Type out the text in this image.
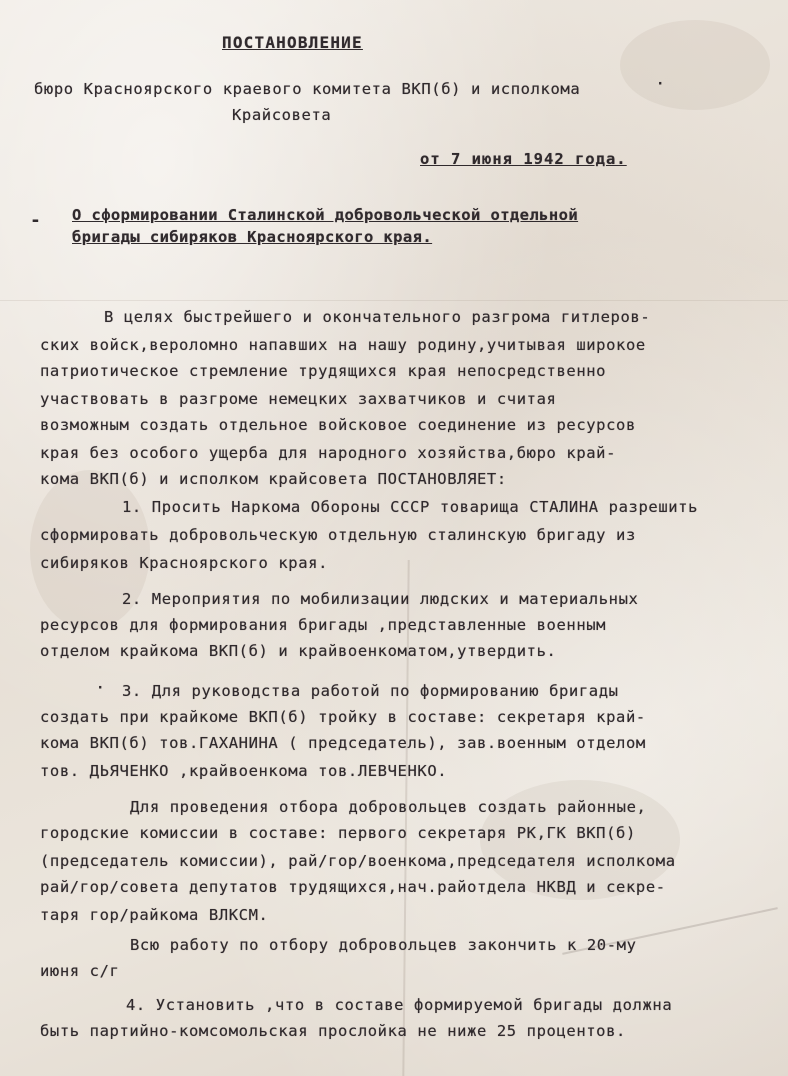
ПОСТАНОВЛЕНИЕ
бюро Красноярского краевого комитета ВКП(б) и исполкома	·
Крайсовета
от 7 июня 1942 года.
- О сформировании Сталинской добровольческой отдельной
бригады сибиряков Красноярского края.
В целях быстрейшего и окончательного разгрома гитлеров-
ских войск,вероломно напавших на нашу родину,учитывая широкое
патриотическое стремление трудящихся края непосредственно
участвовать в разгроме немецких захватчиков и считая
возможным создать отдельное войсковое соединение из ресурсов
края без особого ущерба для народного хозяйства,бюро край-
кома ВКП(б) и исполком крайсовета ПОСТАНОВЛЯЕТ:
1. Просить Наркома Обороны СССР товарища СТАЛИНА разрешить
сформировать добровольческую отдельную сталинскую бригаду из
сибиряков Красноярского края.
2. Мероприятия по мобилизации людских и материальных
ресурсов для формирования бригады ,представленные военным
отделом крайкома ВКП(б) и крайвоенкоматом,утвердить.
· 3. Для руководства работой по формированию бригады
создать при крайкоме ВКП(б) тройку в составе: секретаря край-
кома ВКП(б) тов.ГАХАНИНА ( председатель), зав.военным отделом
тов. ДЬЯЧЕНКО ,крайвоенкома тов.ЛЕВЧЕНКО.
Для проведения отбора добровольцев создать районные,
городские комиссии в составе: первого секретаря РК,ГК ВКП(б)
(председатель комиссии), рай/гор/военкома,председателя исполкома
рай/гор/совета депутатов трудящихся,нач.райотдела НКВД и секре-
таря гор/райкома ВЛКСМ.
Всю работу по отбору добровольцев закончить к 20-му
июня с/г
4. Установить ,что в составе формируемой бригады должна
быть партийно-комсомольская прослойка не ниже 25 процентов.
